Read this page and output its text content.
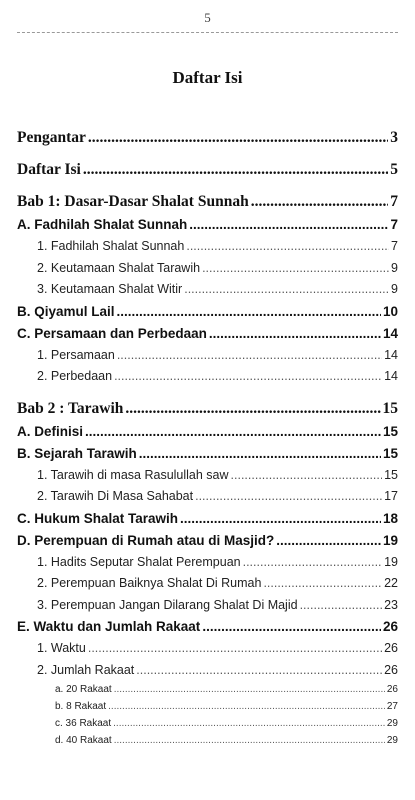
5
Daftar Isi
Pengantar .....	3
Daftar Isi .....	5
Bab 1: Dasar-Dasar Shalat Sunnah .....	7
A. Fadhilah Shalat Sunnah .....	7
1. Fadhilah Shalat Sunnah .....	7
2. Keutamaan Shalat Tarawih .....	9
3. Keutamaan Shalat Witir .....	9
B. Qiyamul Lail .....	10
C. Persamaan dan Perbedaan .....	14
1. Persamaan .....	14
2. Perbedaan .....	14
Bab 2 : Tarawih .....	15
A. Definisi .....	15
B. Sejarah Tarawih .....	15
1. Tarawih di masa Rasulullah saw .....	15
2. Tarawih Di Masa Sahabat .....	17
C. Hukum Shalat Tarawih .....	18
D. Perempuan di Rumah atau di Masjid? .....	19
1. Hadits Seputar Shalat Perempuan .....	19
2. Perempuan Baiknya Shalat Di Rumah .....	22
3. Perempuan Jangan Dilarang Shalat Di Majid .....	23
E. Waktu dan Jumlah Rakaat .....	26
1. Waktu .....	26
2. Jumlah Rakaat .....	26
a. 20 Rakaat .....	26
b. 8 Rakaat .....	27
c. 36 Rakaat .....	29
d. 40 Rakaat .....	29
